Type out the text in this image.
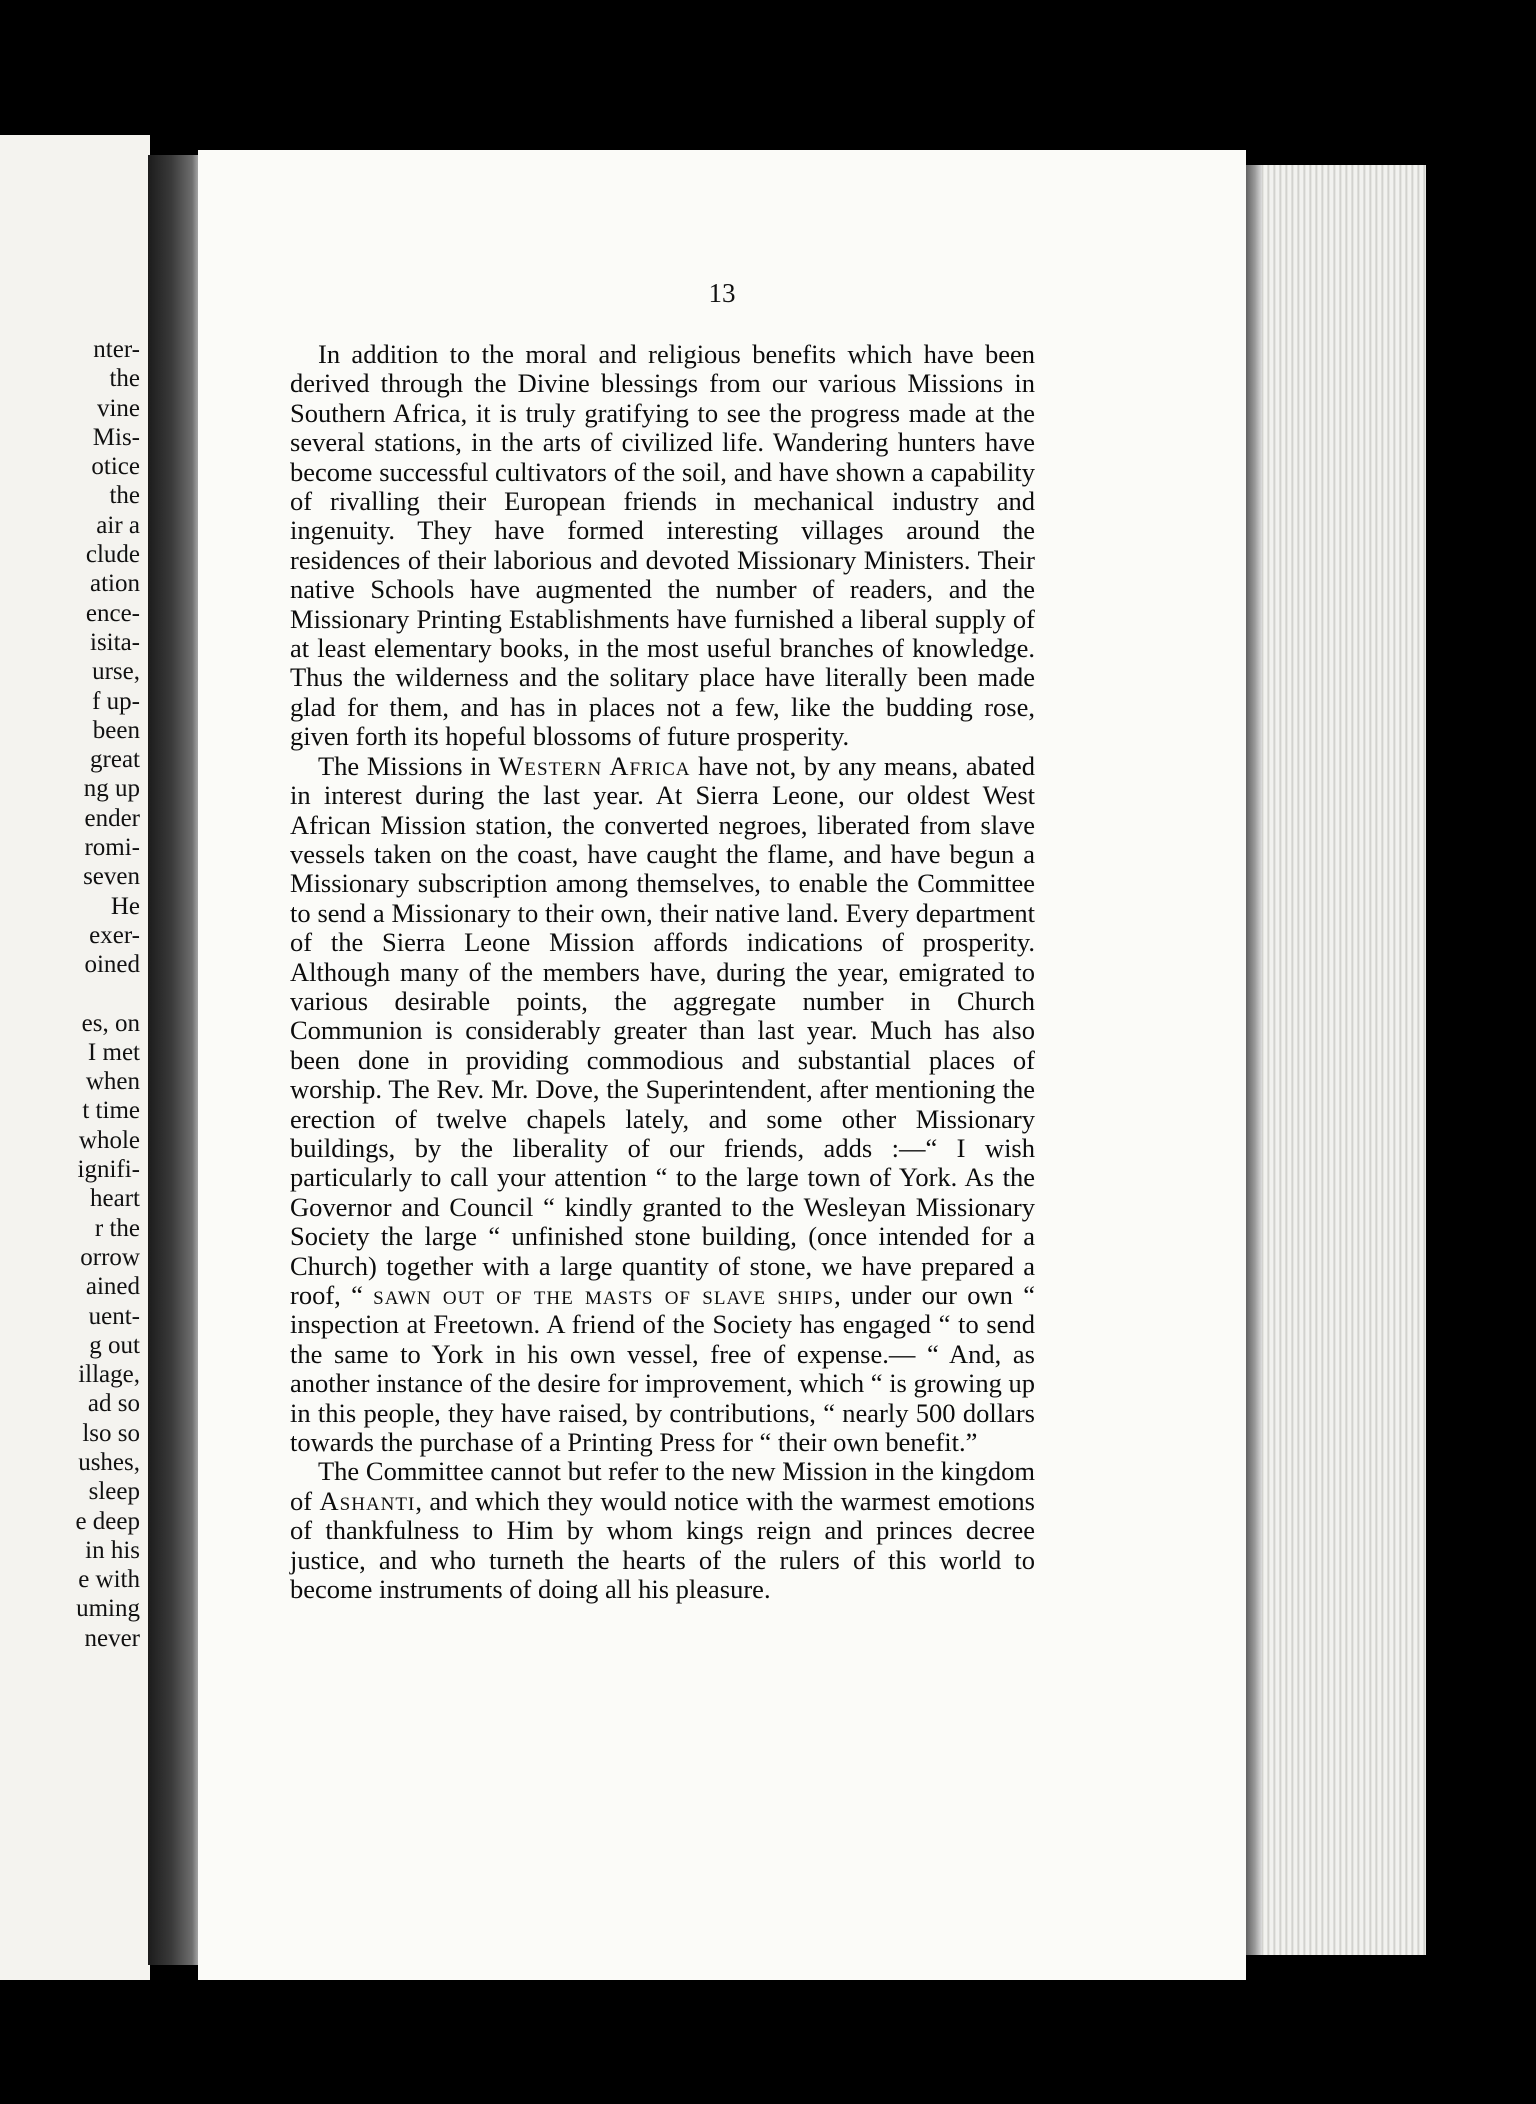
nter-
the
vine
Mis-
otice
the
air a
clude
ation
ence-
isita-
urse,
f up-
been
great
ng up
ender
romi-
seven
He
exer-
oined
es, on
I met
when
t time
whole
ignifi-
heart
r the
orrow
ained
uent-
g out
illage,
ad so
lso so
ushes,
sleep
e deep
in his
e with
uming
never
13

In addition to the moral and religious benefits which have been derived through the Divine blessings from our various Missions in Southern Africa, it is truly gratifying to see the progress made at the several stations, in the arts of civilized life. Wandering hunters have become successful cultivators of the soil, and have shown a capability of rivalling their European friends in mechanical industry and ingenuity. They have formed interesting villages around the residences of their laborious and devoted Missionary Ministers. Their native Schools have augmented the number of readers, and the Missionary Printing Establishments have furnished a liberal supply of at least elementary books, in the most useful branches of knowledge. Thus the wilderness and the solitary place have literally been made glad for them, and has in places not a few, like the budding rose, given forth its hopeful blossoms of future prosperity.

The Missions in Western Africa have not, by any means, abated in interest during the last year. At Sierra Leone, our oldest West African Mission station, the converted negroes, liberated from slave vessels taken on the coast, have caught the flame, and have begun a Missionary subscription among themselves, to enable the Committee to send a Missionary to their own, their native land. Every department of the Sierra Leone Mission affords indications of prosperity. Although many of the members have, during the year, emigrated to various desirable points, the aggregate number in Church Communion is considerably greater than last year. Much has also been done in providing commodious and substantial places of worship. The Rev. Mr. Dove, the Superintendent, after mentioning the erection of twelve chapels lately, and some other Missionary buildings, by the liberality of our friends, adds :—“ I wish particularly to call your attention “ to the large town of York. As the Governor and Council “ kindly granted to the Wesleyan Missionary Society the large “ unfinished stone building, (once intended for a Church) together with a large quantity of stone, we have prepared a roof, “ sawn out of the masts of slave ships, under our own “ inspection at Freetown. A friend of the Society has engaged “ to send the same to York in his own vessel, free of expense.— “ And, as another instance of the desire for improvement, which “ is growing up in this people, they have raised, by contributions, “ nearly 500 dollars towards the purchase of a Printing Press for “ their own benefit.”

The Committee cannot but refer to the new Mission in the kingdom of Ashanti, and which they would notice with the warmest emotions of thankfulness to Him by whom kings reign and princes decree justice, and who turneth the hearts of the rulers of this world to become instruments of doing all his pleasure.
